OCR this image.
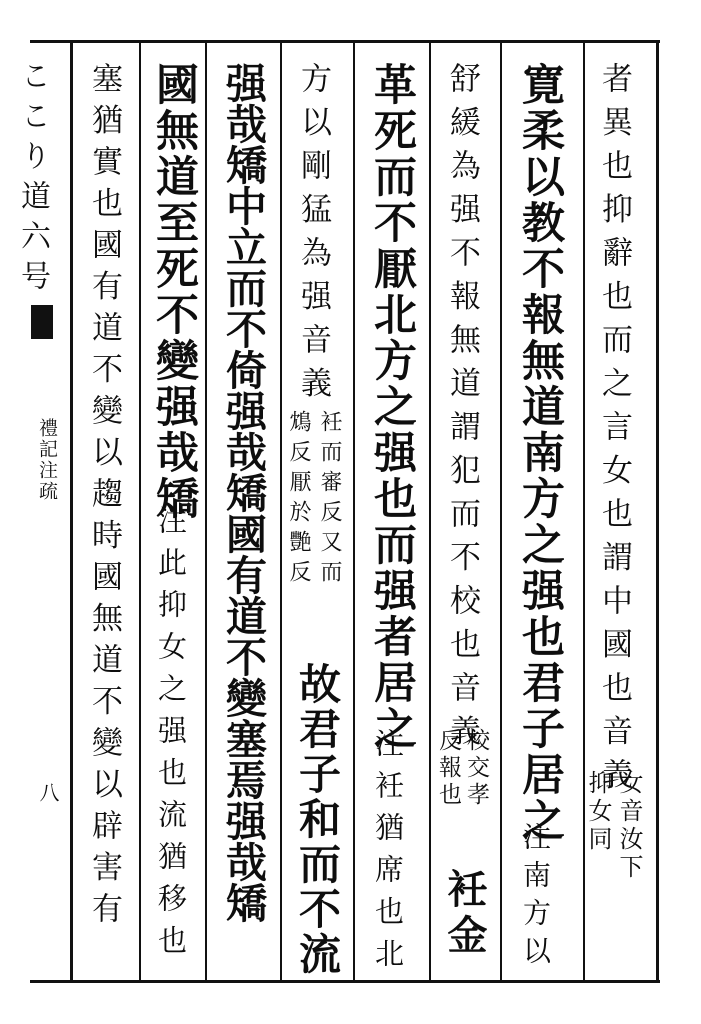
ここり道六号
禮記注疏
八	者異也抑辭也而之言女也謂中國也音義
女音汝下
抑女同
寛柔以教不報無道南方之强也君子居之
注南方以
舒緩為强不報無道謂犯而不校也音義
校交孝
反報也
衽金
革死而不厭北方之强也而强者居之
注衽猶席也北
方以剛猛為强音義
衽而審反又而
鴆反厭於艷反
故君子和而不流
强哉矯中立而不倚强哉矯國有道不變塞焉强哉矯
國無道至死不變强哉矯
注此抑女之强也流猶移也
塞猶實也國有道不變以趨時國無道不變以辟害有
